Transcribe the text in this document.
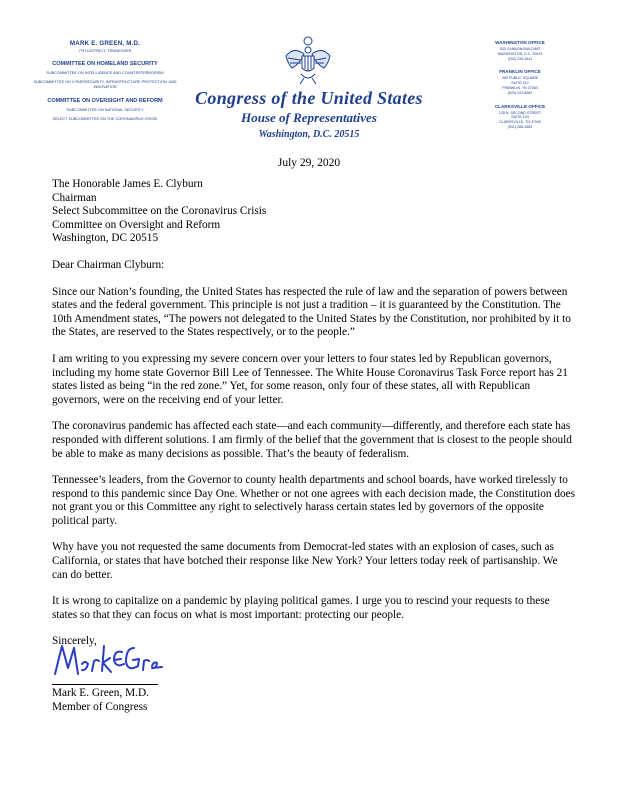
MARK E. GREEN, M.D.
7TH DISTRICT, TENNESSEE
COMMITTEE ON HOMELAND SECURITY
SUBCOMMITTEE ON INTELLIGENCE AND COUNTERTERRORISM
SUBCOMMITTEE ON CYBERSECURITY, INFRASTRUCTURE PROTECTION, AND INNOVATION
COMMITTEE ON OVERSIGHT AND REFORM
SUBCOMMITTEE ON NATIONAL SECURITY
SELECT SUBCOMMITTEE ON THE CORONAVIRUS CRISIS
Congress of the United States
House of Representatives
Washington, D.C. 20515
WASHINGTON OFFICE
533 CANNON BUILDING
WASHINGTON, D.C. 20515
(202) 225-2811
FRANKLIN OFFICE
305 PUBLIC SQUARE
SUITE 212
FRANKLIN, TN 37064
(629) 223-6050
CLARKSVILLE OFFICE
128 N. SECOND STREET
SUITE 104
CLARKSVILLE, TN 37040
(931) 266-4483
July 29, 2020
The Honorable James E. Clyburn
Chairman
Select Subcommittee on the Coronavirus Crisis
Committee on Oversight and Reform
Washington, DC 20515
Dear Chairman Clyburn:
Since our Nation’s founding, the United States has respected the rule of law and the separation of powers between states and the federal government. This principle is not just a tradition – it is guaranteed by the Constitution. The 10th Amendment states, “The powers not delegated to the United States by the Constitution, nor prohibited by it to the States, are reserved to the States respectively, or to the people.”
I am writing to you expressing my severe concern over your letters to four states led by Republican governors, including my home state Governor Bill Lee of Tennessee. The White House Coronavirus Task Force report has 21 states listed as being “in the red zone.” Yet, for some reason, only four of these states, all with Republican governors, were on the receiving end of your letter.
The coronavirus pandemic has affected each state—and each community—differently, and therefore each state has responded with different solutions. I am firmly of the belief that the government that is closest to the people should be able to make as many decisions as possible. That’s the beauty of federalism.
Tennessee’s leaders, from the Governor to county health departments and school boards, have worked tirelessly to respond to this pandemic since Day One. Whether or not one agrees with each decision made, the Constitution does not grant you or this Committee any right to selectively harass certain states led by governors of the opposite political party.
Why have you not requested the same documents from Democrat-led states with an explosion of cases, such as California, or states that have botched their response like New York? Your letters today reek of partisanship. We can do better.
It is wrong to capitalize on a pandemic by playing political games. I urge you to rescind your requests to these states so that they can focus on what is most important: protecting our people.
Sincerely,
Mark E. Green, M.D.
Member of Congress
